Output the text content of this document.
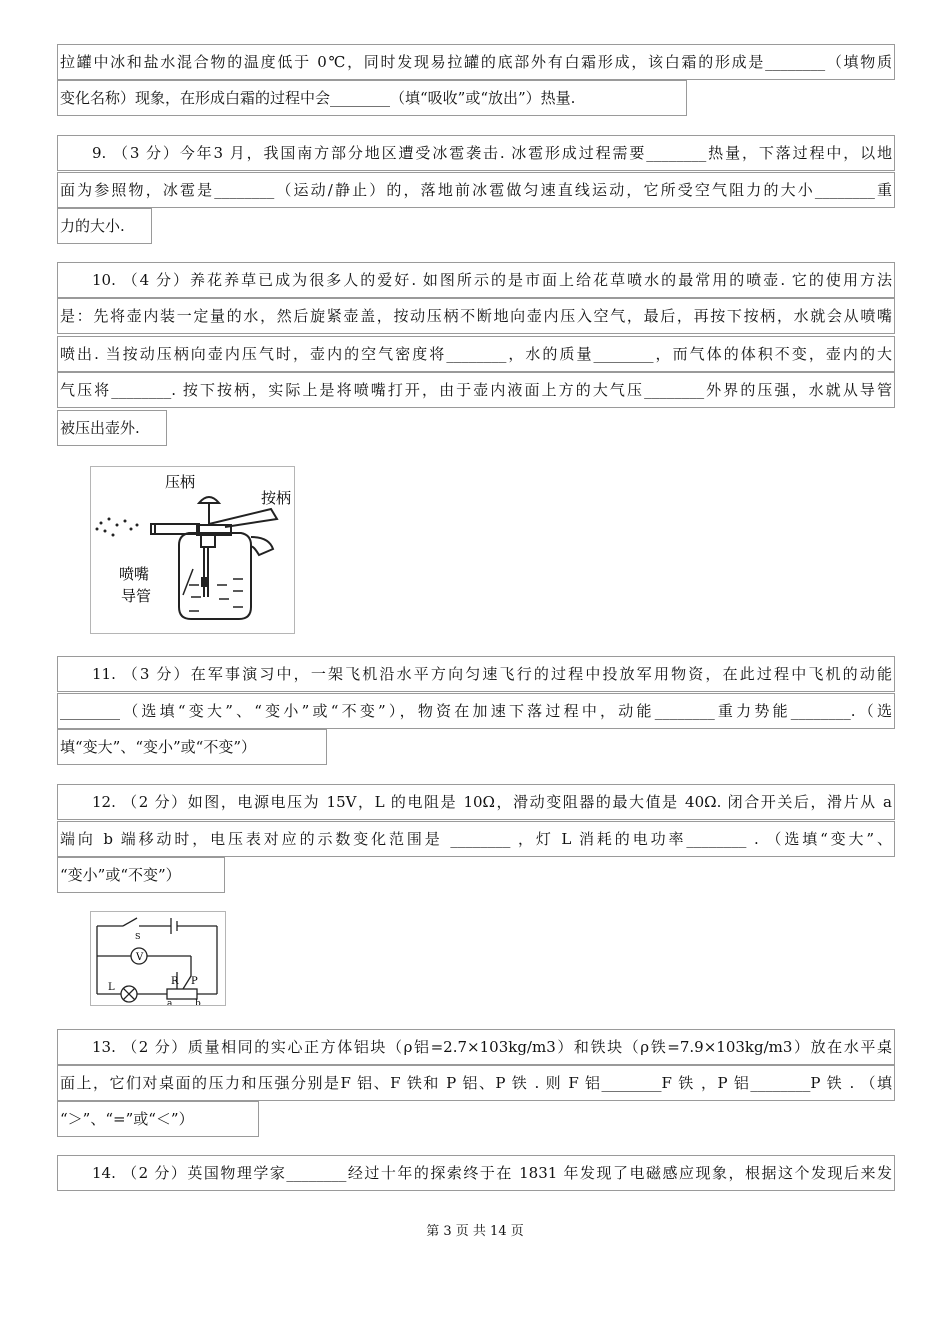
拉罐中冰和盐水混合物的温度低于 0℃，同时发现易拉罐的底部外有白霜形成，该白霜的形成是________（填物质
变化名称）现象，在形成白霜的过程中会________（填“吸收”或“放出”）热量.
9. （3 分）今年3 月，我国南方部分地区遭受冰雹袭击. 冰雹形成过程需要________热量，下落过程中，以地
面为参照物，冰雹是________（运动/静止）的，落地前冰雹做匀速直线运动，它所受空气阻力的大小________重
力的大小.
10. （4 分）养花养草已成为很多人的爱好. 如图所示的是市面上给花草喷水的最常用的喷壶. 它的使用方法
是：先将壶内装一定量的水，然后旋紧壶盖，按动压柄不断地向壶内压入空气，最后，再按下按柄，水就会从喷嘴
喷出. 当按动压柄向壶内压气时，壶内的空气密度将________，水的质量________，而气体的体积不变，壶内的大
气压将________. 按下按柄，实际上是将喷嘴打开，由于壶内液面上方的大气压________外界的压强，水就从导管
被压出壶外.
压柄
按柄
喷嘴
导管
11. （3 分）在军事演习中，一架飞机沿水平方向匀速飞行的过程中投放军用物资，在此过程中飞机的动能
________（选填“变大”、“变小”或“不变”），物资在加速下落过程中，动能________重力势能________.（选
填“变大”、“变小”或“不变”）
12. （2 分）如图，电源电压为 15V，L 的电阻是 10Ω，滑动变阻器的最大值是 40Ω. 闭合开关后，滑片从 a
端向 b 端移动时，电压表对应的示数变化范围是 ________ ，灯 L 消耗的电功率________ . （选填“变大”、
“变小”或“不变”）
S
V
R P
L
a	b
13. （2 分）质量相同的实心正方体铝块（ρ铝=2.7×103kg/m3）和铁块（ρ铁=7.9×103kg/m3）放在水平桌
面上，它们对桌面的压力和压强分别是F 铝、F 铁和 P 铝、P 铁 . 则 F 铝________F 铁 ，P 铝________P 铁 . （填
“＞”、“=”或“＜”）
14. （2 分）英国物理学家________经过十年的探索终于在 1831 年发现了电磁感应现象，根据这个发现后来发
第 3 页 共 14 页
